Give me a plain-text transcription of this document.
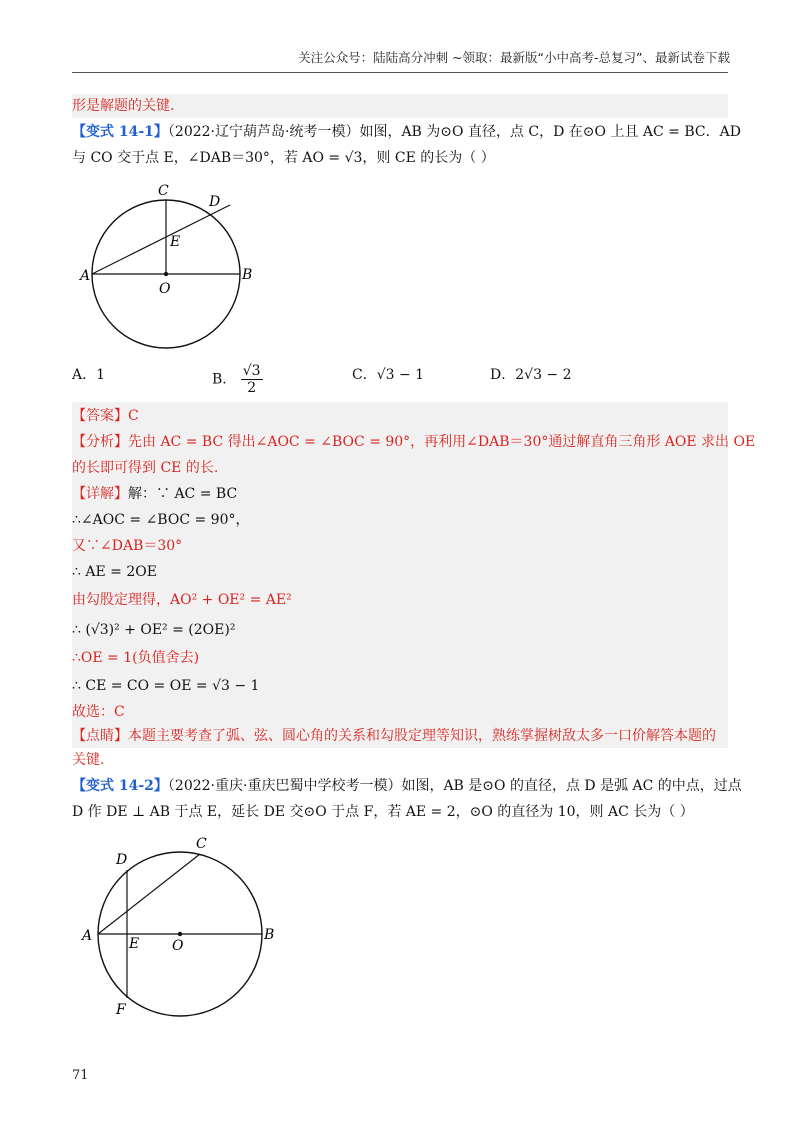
关注公众号：陆陆高分冲刺 ~领取：最新版“小中高考-总复习”、最新试卷下载
形是解题的关键.
【变式 14-1】（2022·辽宁葫芦岛·统考一模）如图，AB 为⊙O 直径，点 C，D 在⊙O 上且 AC = BC．AD
与 CO 交于点 E，∠DAB＝30°，若 AO = √3，则 CE 的长为（ ）
A	B
C
D
E
O
A．1	B． $\frac{√3}{2}$	C．√3 − 1	D．2√3 − 2
【答案】C
【分析】先由 AC = BC 得出∠AOC = ∠BOC = 90°，再利用∠DAB＝30°通过解直角三角形 AOE 求出 OE
的长即可得到 CE 的长.
【详解】解：∵ AC = BC
∴∠AOC = ∠BOC = 90°，
又∵∠DAB＝30°
∴ AE = 2OE
由勾股定理得，AO² + OE² = AE²
∴ (√3)² + OE² = (2OE)²
∴OE = 1(负值舍去)
∴ CE = CO = OE = √3 − 1
故选：C
【点睛】本题主要考查了弧、弦、圆心角的关系和勾股定理等知识，熟练掌握树敌太多一口价解答本题的
关键.
【变式 14-2】（2022·重庆·重庆巴蜀中学校考一模）如图，AB 是⊙O 的直径，点 D 是弧 AC 的中点，过点
D 作 DE ⊥ AB 于点 E，延长 DE 交⊙O 于点 F，若 AE = 2，⊙O 的直径为 10，则 AC 长为（ ）
A	B
C
D
E O
F
71
